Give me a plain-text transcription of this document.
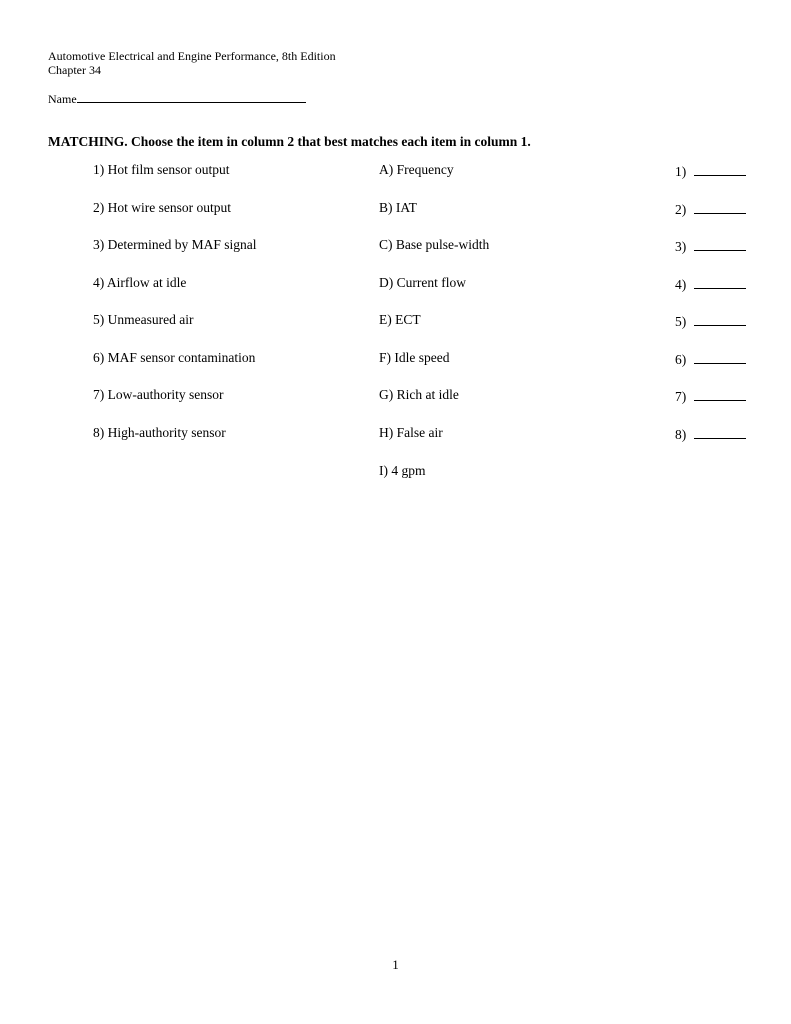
Automotive Electrical and Engine Performance, 8th Edition
Chapter 34
Name
MATCHING. Choose the item in column 2 that best matches each item in column 1.
1) Hot film sensor output
2) Hot wire sensor output
3) Determined by MAF signal
4) Airflow at idle
5) Unmeasured air
6) MAF sensor contamination
7) Low-authority sensor
8) High-authority sensor
A) Frequency
B) IAT
C) Base pulse-width
D) Current flow
E) ECT
F) Idle speed
G) Rich at idle
H) False air
I) 4 gpm
1)
2)
3)
4)
5)
6)
7)
8)
1
